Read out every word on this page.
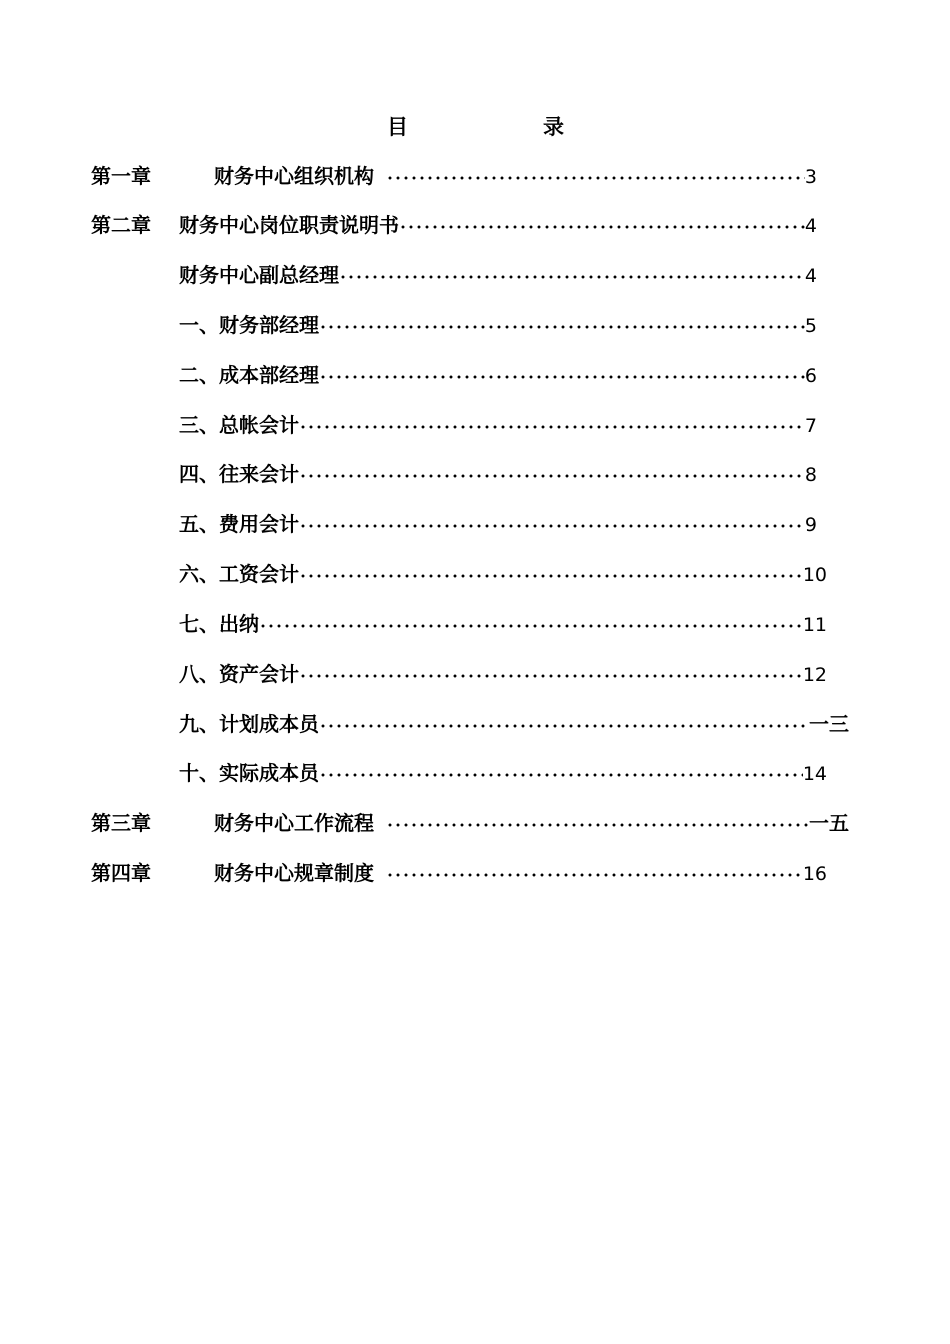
目	录
第一章	财务中心组织机构	3
第二章	财务中心岗位职责说明书	4
财务中心副总经理	4
一、财务部经理	5
二、成本部经理	6
三、总帐会计	7
四、往来会计	8
五、费用会计	9
六、工资会计	10
七、出纳	11
八、资产会计	12
九、计划成本员	一三
十、实际成本员	14
第三章	财务中心工作流程	一五
第四章	财务中心规章制度	16
